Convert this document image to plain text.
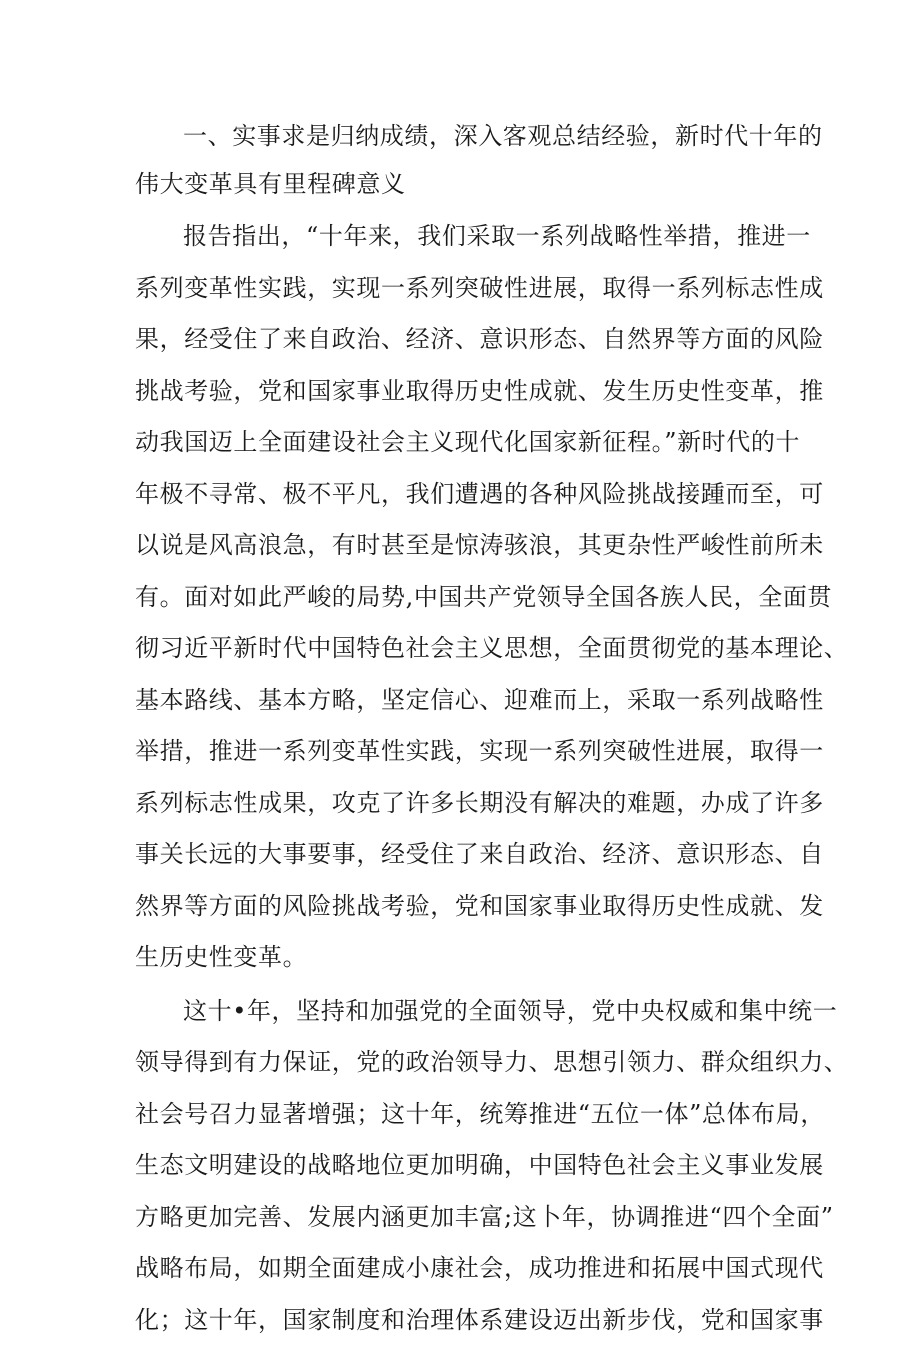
一、实事求是归纳成绩，深入客观总结经验，新时代十年的
伟大变革具有里程碑意义

报告指出，“十年来，我们采取一系列战略性举措，推进一
系列变革性实践，实现一系列突破性进展，取得一系列标志性成
果，经受住了来自政治、经济、意识形态、自然界等方面的风险
挑战考验，党和国家事业取得历史性成就、发生历史性变革，推
动我国迈上全面建设社会主义现代化国家新征程。”新时代的十
年极不寻常、极不平凡，我们遭遇的各种风险挑战接踵而至，可
以说是风高浪急，有时甚至是惊涛骇浪，其更杂性严峻性前所未
有。面对如此严峻的局势,中国共产党领导全国各族人民，全面贯
彻习近平新时代中国特色社会主义思想，全面贯彻党的基本理论、
基本路线、基本方略，坚定信心、迎难而上，采取一系列战略性
举措，推进一系列变革性实践，实现一系列突破性进展，取得一
系列标志性成果，攻克了许多长期没有解决的难题，办成了许多
事关长远的大事要事，经受住了来自政治、经济、意识形态、自
然界等方面的风险挑战考验，党和国家事业取得历史性成就、发
生历史性变革。

这十•年，坚持和加强党的全面领导，党中央权威和集中统一
领导得到有力保证，党的政治领导力、思想引领力、群众组织力、
社会号召力显著增强；这十年，统筹推进“五位一体”总体布局，
生态文明建设的战略地位更加明确，中国特色社会主义事业发展
方略更加完善、发展内涵更加丰富;这卜年，协调推进“四个全面”
战略布局，如期全面建成小康社会，成功推进和拓展中国式现代
化；这十年，国家制度和治理体系建设迈出新步伐，党和国家事
